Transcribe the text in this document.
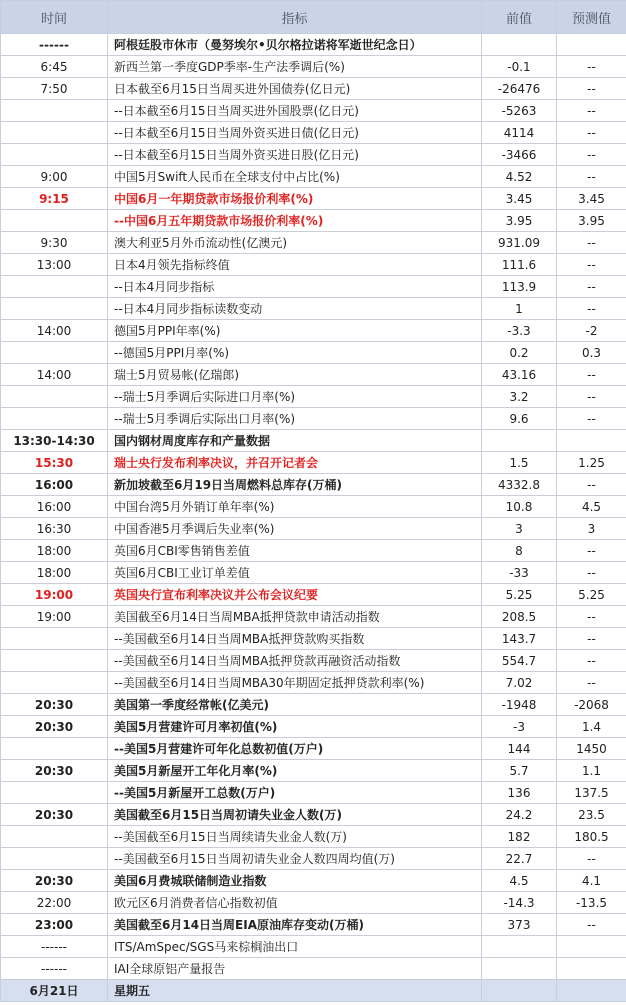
时间	指标	前值	预测值
------	阿根廷股市休市（曼努埃尔•贝尔格拉诺将军逝世纪念日）		
6:45	新西兰第一季度GDP季率-生产法季调后(%)	-0.1	--
7:50	日本截至6月15日当周买进外国债券(亿日元)	-26476	--
	--日本截至6月15日当周买进外国股票(亿日元)	-5263	--
	--日本截至6月15日当周外资买进日债(亿日元)	4114	--
	--日本截至6月15日当周外资买进日股(亿日元)	-3466	--
9:00	中国5月Swift人民币在全球支付中占比(%)	4.52	--
9:15	中国6月一年期贷款市场报价利率(%)	3.45	3.45
	--中国6月五年期贷款市场报价利率(%)	3.95	3.95
9:30	澳大利亚5月外币流动性(亿澳元)	931.09	--
13:00	日本4月领先指标终值	111.6	--
	--日本4月同步指标	113.9	--
	--日本4月同步指标读数变动	1	--
14:00	德国5月PPI年率(%)	-3.3	-2
	--德国5月PPI月率(%)	0.2	0.3
14:00	瑞士5月贸易帐(亿瑞郎)	43.16	--
	--瑞士5月季调后实际进口月率(%)	3.2	--
	--瑞士5月季调后实际出口月率(%)	9.6	--
13:30-14:30	国内钢材周度库存和产量数据		
15:30	瑞士央行发布利率决议，并召开记者会	1.5	1.25
16:00	新加坡截至6月19日当周燃料总库存(万桶)	4332.8	--
16:00	中国台湾5月外销订单年率(%)	10.8	4.5
16:30	中国香港5月季调后失业率(%)	3	3
18:00	英国6月CBI零售销售差值	8	--
18:00	英国6月CBI工业订单差值	-33	--
19:00	英国央行宣布利率决议并公布会议纪要	5.25	5.25
19:00	美国截至6月14日当周MBA抵押贷款申请活动指数	208.5	--
	--美国截至6月14日当周MBA抵押贷款购买指数	143.7	--
	--美国截至6月14日当周MBA抵押贷款再融资活动指数	554.7	--
	--美国截至6月14日当周MBA30年期固定抵押贷款利率(%)	7.02	--
20:30	美国第一季度经常帐(亿美元)	-1948	-2068
20:30	美国5月营建许可月率初值(%)	-3	1.4
	--美国5月营建许可年化总数初值(万户)	144	1450
20:30	美国5月新屋开工年化月率(%)	5.7	1.1
	--美国5月新屋开工总数(万户)	136	137.5
20:30	美国截至6月15日当周初请失业金人数(万)	24.2	23.5
	--美国截至6月15日当周续请失业金人数(万)	182	180.5
	--美国截至6月15日当周初请失业金人数四周均值(万)	22.7	--
20:30	美国6月费城联储制造业指数	4.5	4.1
22:00	欧元区6月消费者信心指数初值	-14.3	-13.5
23:00	美国截至6月14日当周EIA原油库存变动(万桶)	373	--
------	ITS/AmSpec/SGS马来棕榈油出口		
------	IAI全球原铝产量报告		
6月21日	星期五		
